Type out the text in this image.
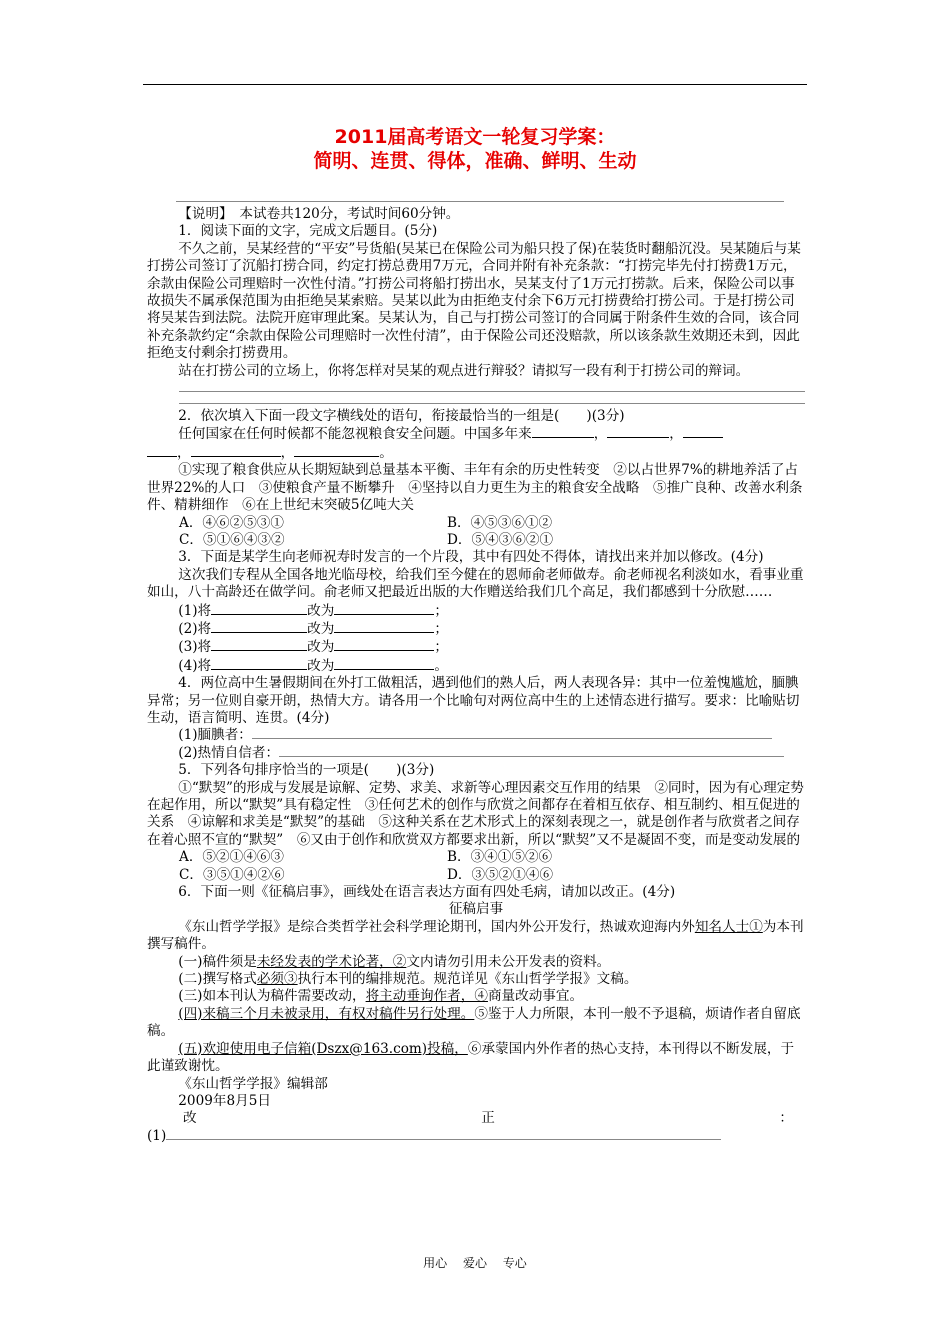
2011届高考语文一轮复习学案：
简明、连贯、得体，准确、鲜明、生动

【说明】　本试卷共120分，考试时间60分钟。

1．阅读下面的文字，完成文后题目。(5分)

不久之前，吴某经营的“平安”号货船(吴某已在保险公司为船只投了保)在装货时翻船沉没。吴某随后与某打捞公司签订了沉船打捞合同，约定打捞总费用7万元，合同并附有补充条款：“打捞完毕先付打捞费1万元，余款由保险公司理赔时一次性付清。”打捞公司将船打捞出水，吴某支付了1万元打捞款。后来，保险公司以事故损失不属承保范围为由拒绝吴某索赔。吴某以此为由拒绝支付余下6万元打捞费给打捞公司。于是打捞公司将吴某告到法院。法院开庭审理此案。吴某认为，自己与打捞公司签订的合同属于附条件生效的合同，该合同补充条款约定“余款由保险公司理赔时一次性付清”，由于保险公司还没赔款，所以该条款生效期还未到，因此拒绝支付剩余打捞费用。

站在打捞公司的立场上，你将怎样对吴某的观点进行辩驳？请拟写一段有利于打捞公司的辩词。

2．依次填入下面一段文字横线处的语句，衔接最恰当的一组是(　　)(3分)

任何国家在任何时候都不能忽视粮食安全问题。中国多年来	，	，

，	，	。

①实现了粮食供应从长期短缺到总量基本平衡、丰年有余的历史性转变　②以占世界7%的耕地养活了占世界22%的人口　③使粮食产量不断攀升　④坚持以自力更生为主的粮食安全战略　⑤推广良种、改善水利条件、精耕细作　⑥在上世纪末突破5亿吨大关

A．④⑥②⑤③①	B．④⑤③⑥①②
C．⑤①⑥④③②	D．⑤④③⑥②①

3．下面是某学生向老师祝寿时发言的一个片段，其中有四处不得体，请找出来并加以修改。(4分)

这次我们专程从全国各地光临母校，给我们至今健在的恩师俞老师做寿。俞老师视名利淡如水，看事业重如山，八十高龄还在做学问。俞老师又把最近出版的大作赠送给我们几个高足，我们都感到十分欣慰……

(1)将	改为	；

(2)将	改为	；

(3)将	改为	；

(4)将	改为	。

4．两位高中生暑假期间在外打工做粗活，遇到他们的熟人后，两人表现各异：其中一位羞愧尴尬，腼腆异常；另一位则自豪开朗，热情大方。请各用一个比喻句对两位高中生的上述情态进行描写。要求：比喻贴切生动，语言简明、连贯。(4分)

(1)腼腆者：

(2)热情自信者：

5．下列各句排序恰当的一项是(　　)(3分)

①“默契”的形成与发展是谅解、定势、求美、求新等心理因素交互作用的结果　②同时，因为有心理定势在起作用，所以“默契”具有稳定性　③任何艺术的创作与欣赏之间都存在着相互依存、相互制约、相互促进的关系　④谅解和求美是“默契”的基础　⑤这种关系在艺术形式上的深刻表现之一，就是创作者与欣赏者之间存在着心照不宣的“默契”　⑥又由于创作和欣赏双方都要求出新，所以“默契”又不是凝固不变，而是变动发展的

A．⑤②①④⑥③	B．③④①⑤②⑥
C．③⑤①④②⑥	D．③⑤②①④⑥

6．下面一则《征稿启事》，画线处在语言表达方面有四处毛病，请加以改正。(4分)

征稿启事

《东山哲学学报》是综合类哲学社会科学理论期刊，国内外公开发行，热诚欢迎海内外知名人士①为本刊撰写稿件。

(一)稿件须是未经发表的学术论著，②文内请勿引用未公开发表的资料。

(二)撰写格式必须③执行本刊的编排规范。规范详见《东山哲学学报》文稿。

(三)如本刊认为稿件需要改动，将主动垂询作者，④商量改动事宜。

(四)来稿三个月未被录用，有权对稿件另行处理。⑤鉴于人力所限，本刊一般不予退稿，烦请作者自留底稿。

(五)欢迎使用电子信箱(Dszx@163.com)投稿，⑥承蒙国内外作者的热心支持，本刊得以不断发展，于此谨致谢忱。

《东山哲学学报》编辑部

2009年8月5日

改	正	：

(1)

用心 爱心 专心
